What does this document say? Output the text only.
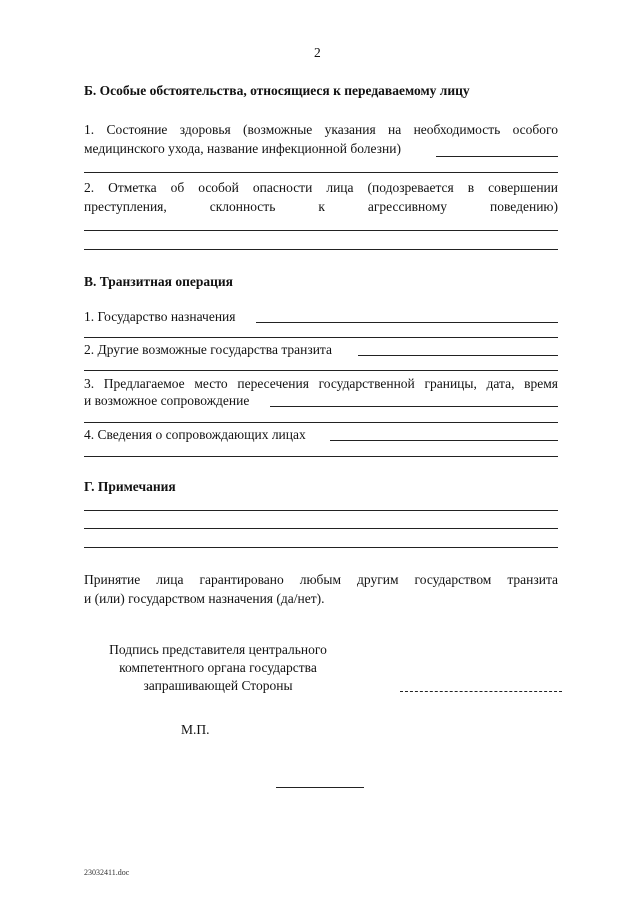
2
Б. Особые обстоятельства, относящиеся к передаваемому лицу
1. Состояние здоровья (возможные указания на необходимость особого
медицинского ухода, название инфекционной болезни)
2. Отметка об особой опасности лица (подозревается в совершении
преступления, склонность к агрессивному поведению)
В. Транзитная операция
1. Государство назначения
2. Другие возможные государства транзита
3. Предлагаемое место пересечения государственной границы, дата, время
и возможное сопровождение
4. Сведения о сопровождающих лицах
Г. Примечания
Принятие лица гарантировано любым другим государством транзита
и (или) государством назначения (да/нет).
Подпись представителя центрального
компетентного органа государства
запрашивающей Стороны
М.П.
23032411.doc
